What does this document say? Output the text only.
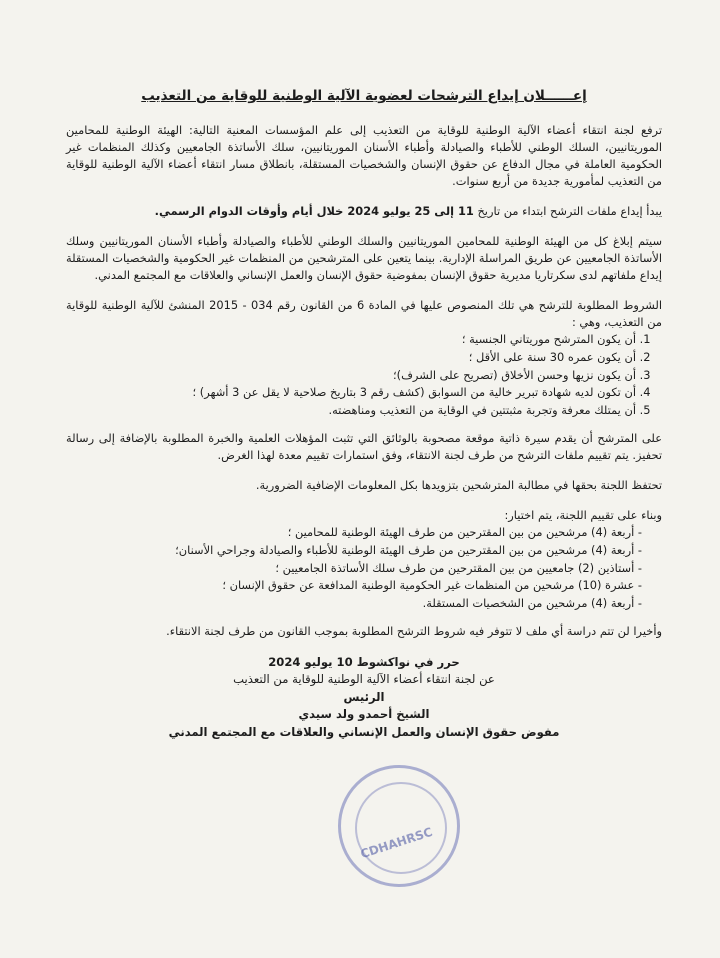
إعــــــلان إيداع الترشحات لعضوية الآلية الوطنية للوقاية من التعذيب

ترفع لجنة انتقاء أعضاء الآلية الوطنية للوقاية من التعذيب إلى علم المؤسسات المعنية التالية: الهيئة الوطنية للمحامين الموريتانيين، السلك الوطني للأطباء والصيادلة وأطباء الأسنان الموريتانيين، سلك الأساتذة الجامعيين وكذلك المنظمات غير الحكومية العاملة في مجال الدفاع عن حقوق الإنسان والشخصيات المستقلة، بانطلاق مسار انتقاء أعضاء الآلية الوطنية للوقاية من التعذيب لمأمورية جديدة من أربع سنوات.

يبدأ إيداع ملفات الترشح ابتداء من تاريخ 11 إلى 25 يوليو 2024 خلال أيام وأوقات الدوام الرسمي.

سيتم إبلاغ كل من الهيئة الوطنية للمحامين الموريتانيين والسلك الوطني للأطباء والصيادلة وأطباء الأسنان الموريتانيين وسلك الأساتذة الجامعيين عن طريق المراسلة الإدارية. بينما يتعين على المترشحين من المنظمات غير الحكومية والشخصيات المستقلة إيداع ملفاتهم لدى سكرتاريا مديرية حقوق الإنسان بمفوضية حقوق الإنسان والعمل الإنساني والعلاقات مع المجتمع المدني.

الشروط المطلوبة للترشح هي تلك المنصوص عليها في المادة 6 من القانون رقم 034 - 2015 المنشئ للآلية الوطنية للوقاية من التعذيب، وهي :

1. أن يكون المترشح موريتاني الجنسية ؛
2. أن يكون عمره 30 سنة على الأقل ؛
3. أن يكون نزيها وحسن الأخلاق (تصريح على الشرف)؛
4. أن تكون لديه شهادة تبرير خالية من السوابق (كشف رقم 3 بتاريخ صلاحية لا يقل عن 3 أشهر) ؛
5. أن يمتلك معرفة وتجربة مثبتتين في الوقاية من التعذيب ومناهضته.

على المترشح أن يقدم سيرة ذاتية موقعة مصحوبة بالوثائق التي تثبت المؤهلات العلمية والخبرة المطلوبة بالإضافة إلى رسالة تحفيز. يتم تقييم ملفات الترشح من طرف لجنة الانتقاء، وفق استمارات تقييم معدة لهذا الغرض.

تحتفظ اللجنة بحقها في مطالبة المترشحين بتزويدها بكل المعلومات الإضافية الضرورية.

وبناء على تقييم اللجنة، يتم اختيار:

- أربعة (4) مرشحين من بين المقترحين من طرف الهيئة الوطنية للمحامين ؛
- أربعة (4) مرشحين من بين المقترحين من طرف الهيئة الوطنية للأطباء والصيادلة وجراحي الأسنان؛
- أستاذين (2) جامعيين من بين المقترحين من طرف سلك الأساتذة الجامعيين ؛
- عشرة (10) مرشحين من المنظمات غير الحكومية الوطنية المدافعة عن حقوق الإنسان ؛
- أربعة (4) مرشحين من الشخصيات المستقلة.

وأخيرا لن تتم دراسة أي ملف لا تتوفر فيه شروط الترشح المطلوبة بموجب القانون من طرف لجنة الانتقاء.

حرر في نواكشوط 10 يوليو 2024
عن لجنة انتقاء أعضاء الآلية الوطنية للوقاية من التعذيب
الرئيس
الشيخ أحمدو ولد سيدي
مفوض حقوق الإنسان والعمل الإنساني والعلاقات مع المجتمع المدني
CDHAHRSC
